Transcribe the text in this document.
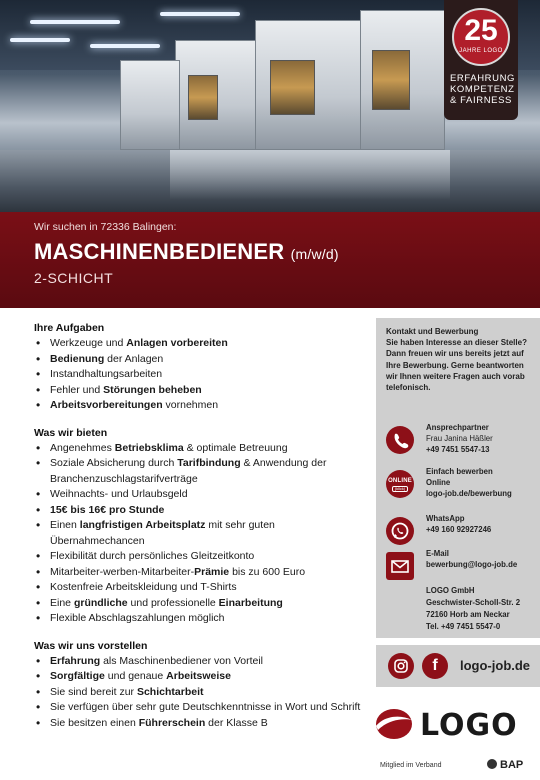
25
JAHRE LOGO
ERFAHRUNG
KOMPETENZ
& FAIRNESS
Wir suchen in 72336 Balingen:
MASCHINENBEDIENER (m/w/d)
2-SCHICHT
Ihre Aufgaben
• Werkzeuge und Anlagen vorbereiten
• Bedienung der Anlagen
• Instandhaltungsarbeiten
• Fehler und Störungen beheben
• Arbeitsvorbereitungen vornehmen
Was wir bieten
• Angenehmes Betriebsklima & optimale Betreuung
• Soziale Absicherung durch Tarifbindung & Anwendung der Branchenzuschlagstarifverträge
• Weihnachts- und Urlaubsgeld
• 15€ bis 16€ pro Stunde
• Einen langfristigen Arbeitsplatz mit sehr guten Übernahmechancen
• Flexibilität durch persönliches Gleitzeitkonto
• Mitarbeiter-werben-Mitarbeiter-Prämie bis zu 600 Euro
• Kostenfreie Arbeitskleidung und T-Shirts
• Eine gründliche und professionelle Einarbeitung
• Flexible Abschlagszahlungen möglich
Was wir uns vorstellen
• Erfahrung als Maschinenbediener von Vorteil
• Sorgfältige und genaue Arbeitsweise
• Sie sind bereit zur Schichtarbeit
• Sie verfügen über sehr gute Deutschkenntnisse in Wort und Schrift
• Sie besitzen einen Führerschein der Klasse B
Kontakt und Bewerbung
Sie haben Interesse an dieser Stelle? Dann freuen wir uns bereits jetzt auf Ihre Bewerbung. Gerne beantworten wir Ihnen weitere Fragen auch vorab telefonisch.
Ansprechpartner
Frau Janina Häßler
+49 7451 5547-13
ONLINE
(klick)
Einfach bewerben
Online
logo-job.de/bewerbung
WhatsApp
+49 160 92927246
E-Mail
bewerbung@logo-job.de
LOGO GmbH
Geschwister-Scholl-Str. 2
72160 Horb am Neckar
Tel. +49 7451 5547-0
f	logo-job.de
LOGO
Mitglied im Verband	BAP
